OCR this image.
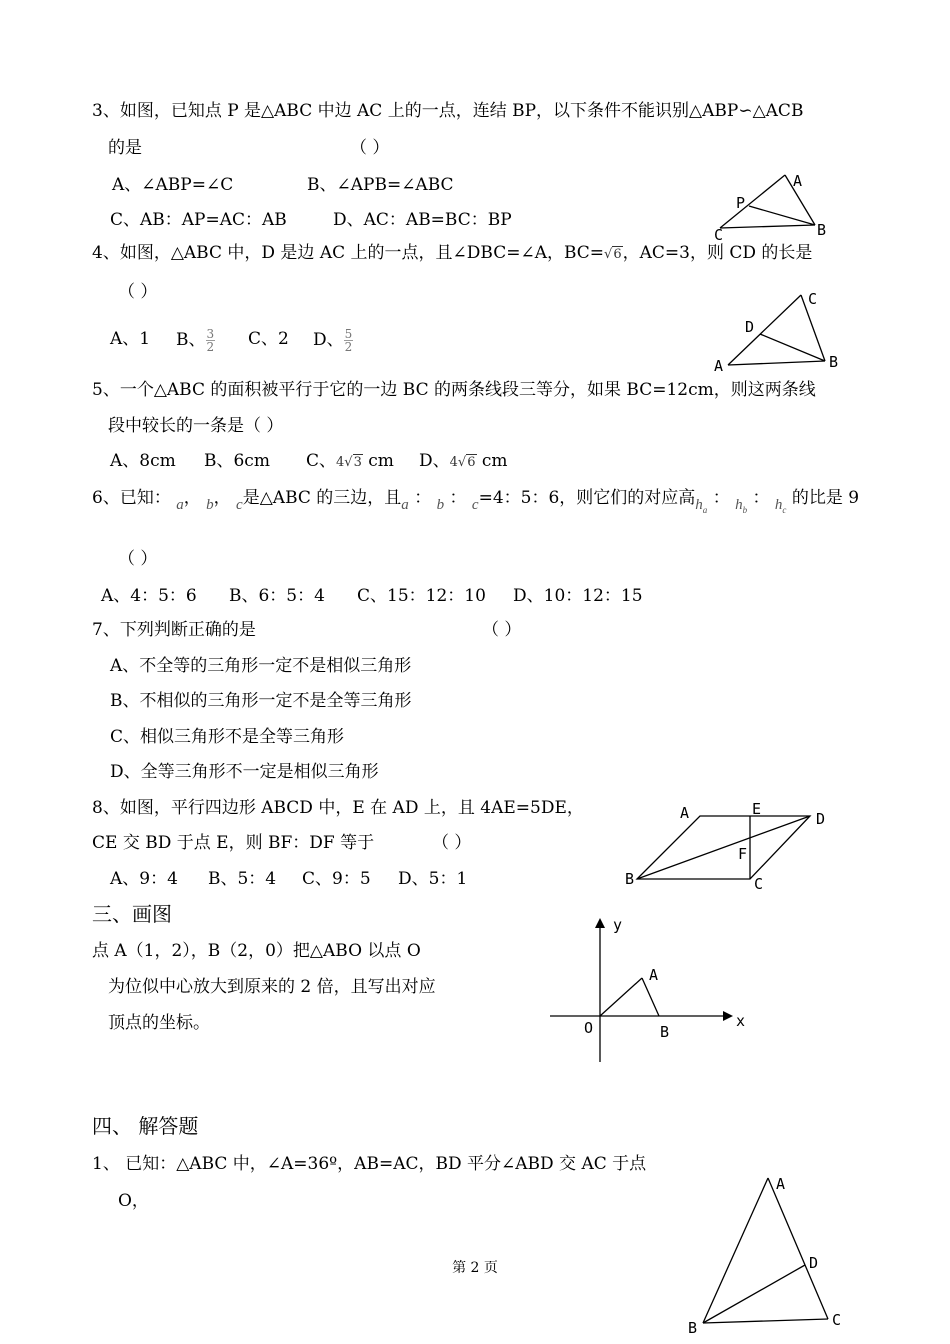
3、如图，已知点 P 是△ABC 中边 AC 上的一点，连结 BP，以下条件不能识别△ABP∽△ACB
的是	（ ）
A、∠ABP=∠C	B、∠APB=∠ABC
C、AB：AP=AC：AB	D、AC：AB=BC：BP
A
P
C	B
4、如图，△ABC 中，D 是边 AC 上的一点，且∠DBC=∠A，BC=√6，AC=3，则 CD 的长是
（ ）
A、1 B、 $\frac{3}{2}$ C、2 D、 $\frac{5}{2}$
C
D
A	B
5、一个△ABC 的面积被平行于它的一边 BC 的两条线段三等分，如果 BC=12cm，则这两条线
段中较长的一条是（ ）
A、8cm B、6cm C、4√3 cm D、4√6 cm
6、已知： a， b， c是△ABC 的三边，且a ： b ： c=4：5：6，则它们的对应高$h_a$ ： $h_b$ ： $h_c$ 的比是 9
（ ）
A、4：5：6 B、6：5：4 C、15：12：10 D、10：12：15
7、下列判断正确的是	（ ）
A、不全等的三角形一定不是相似三角形
B、不相似的三角形一定不是全等三角形
C、相似三角形不是全等三角形
D、全等三角形不一定是相似三角形
8、如图，平行四边形 ABCD 中，E 在 AD 上，且 4AE=5DE，
CE 交 BD 于点 E，则 BF：DF 等于	（ ）
A、9：4 B、5：4 C、9：5 D、5：1
A	E
D
F
B	C
三、画图
点 A（1，2），B（2，0）把△ABO 以点 O
为位似中心放大到原来的 2 倍，且写出对应
顶点的坐标。
y
x
O
A
B
四、 解答题
1、 已知：△ABC 中，∠A=36º，AB=AC，BD 平分∠ABD 交 AC 于点
O，
A
D
B	C
第 2 页
